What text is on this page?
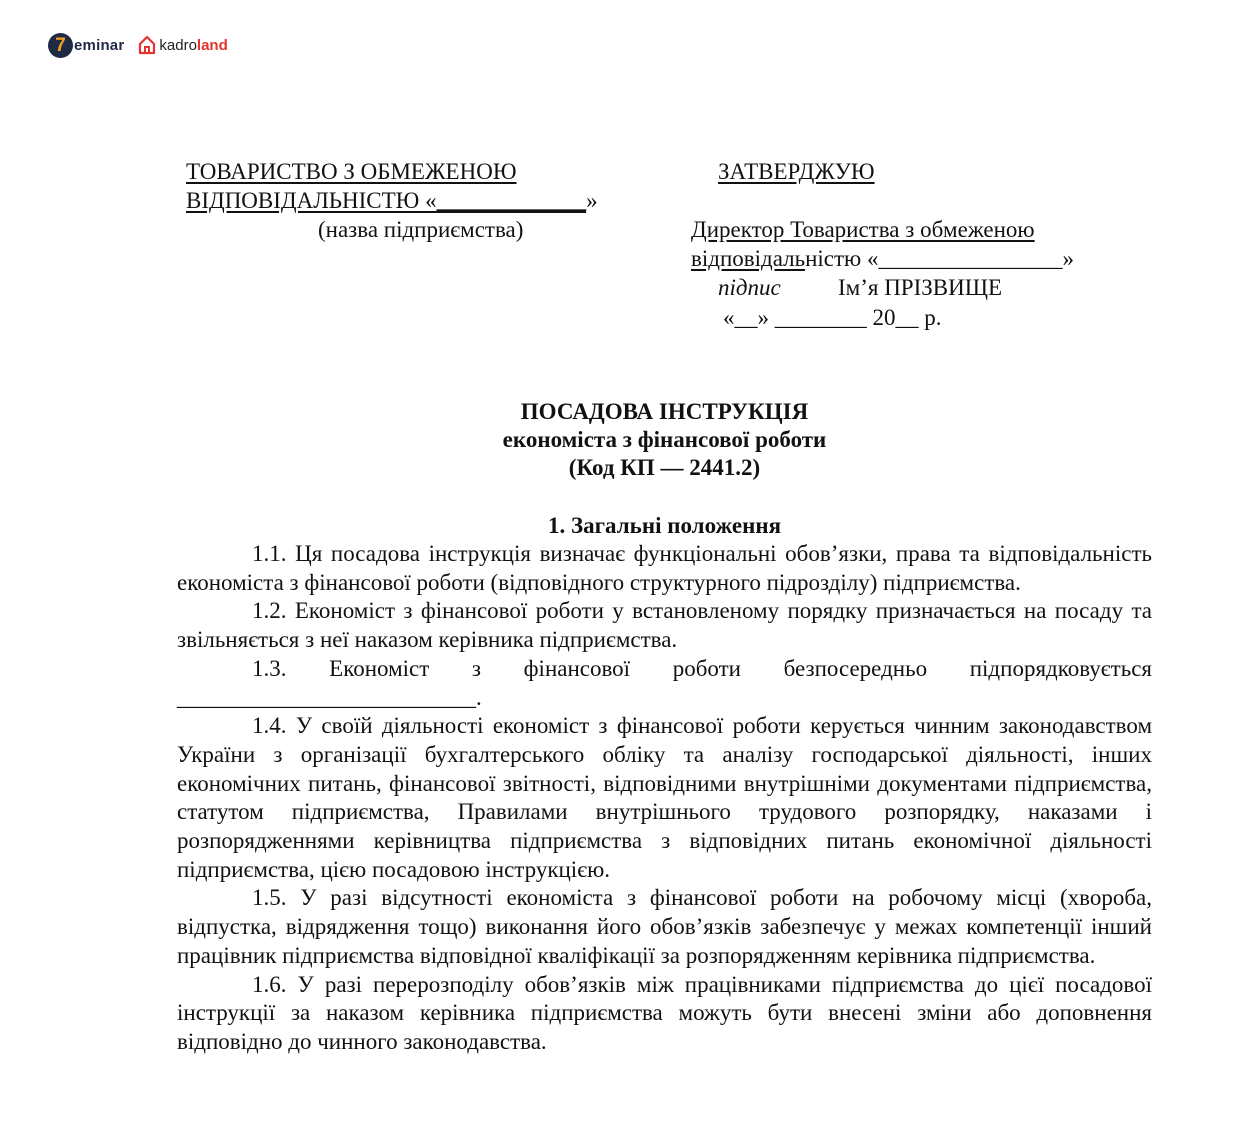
7 eminar kadroland
ТОВАРИСТВО З ОБМЕЖЕНОЮ
ВІДПОВІДАЛЬНІСТЮ «_____________»
(назва підприємства)
ЗАТВЕРДЖУЮ
Директор Товариства з обмеженою
відповідальністю «________________»
підпис Ім’я ПРІЗВИЩЕ
«__» ________ 20__ р.
ПОСАДОВА ІНСТРУКЦІЯ
економіста з фінансової роботи
(Код КП — 2441.2)
1. Загальні положення

1.1. Ця посадова інструкція визначає функціональні обов’язки, права та відповідальність економіста з фінансової роботи (відповідного структурного підрозділу) підприємства.

1.2. Економіст з фінансової роботи у встановленому порядку призначається на посаду та звільняється з неї наказом керівника підприємства.

1.3. Економіст з фінансової роботи безпосередньо підпорядковується

__________________________.

1.4. У своїй діяльності економіст з фінансової роботи керується чинним законодавством України з організації бухгалтерського обліку та аналізу господарської діяльності, інших економічних питань, фінансової звітності, відповідними внутрішніми документами підприємства, статутом підприємства, Правилами внутрішнього трудового розпорядку, наказами і розпорядженнями керівництва підприємства з відповідних питань економічної діяльності підприємства, цією посадовою інструкцією.

1.5. У разі відсутності економіста з фінансової роботи на робочому місці (хвороба, відпустка, відрядження тощо) виконання його обов’язків забезпечує у межах компетенції інший працівник підприємства відповідної кваліфікації за розпорядженням керівника підприємства.

1.6. У разі перерозподілу обов’язків між працівниками підприємства до цієї посадової інструкції за наказом керівника підприємства можуть бути внесені зміни або доповнення відповідно до чинного законодавства.
